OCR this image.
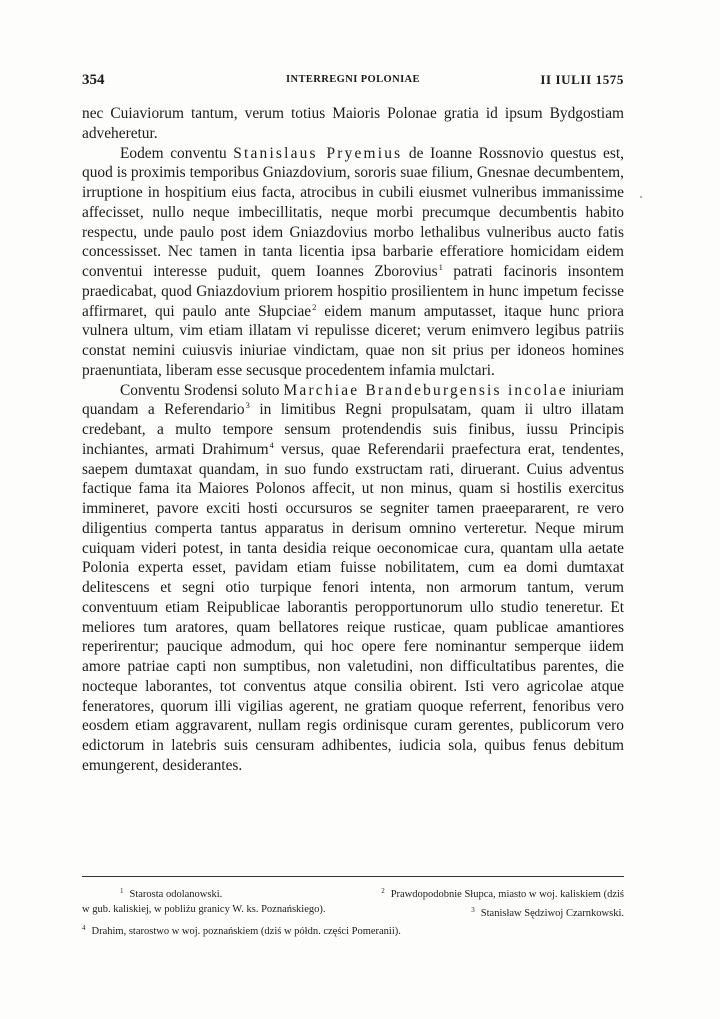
354	INTERREGNI POLONIAE	II IULII 1575

nec Cuiaviorum tantum, verum totius Maioris Polonae gratia id ipsum Bydgostiam adveheretur.

Eodem conventu Stanislaus Pryemius de Ioanne Rossnovio questus est, quod is proximis temporibus Gniazdovium, sororis suae filium, Gnesnae decumbentem, irruptione in hospitium eius facta, atrocibus in cubili eiusmet vulneribus immanissime affecisset, nullo neque imbecillitatis, neque morbi precumque decumbentis habito respectu, unde paulo post idem Gniazdovius morbo lethalibus vulneribus aucto fatis concessisset. Nec tamen in tanta licentia ipsa barbarie efferatiore homicidam eidem conventui interesse puduit, quem Ioannes Zborovius$^1$ patrati facinoris insontem praedicabat, quod Gniazdovium priorem hospitio prosilientem in hunc impetum fecisse affirmaret, qui paulo ante Słupciae$^2$ eidem manum amputasset, itaque hunc priora vulnera ultum, vim etiam illatam vi repulisse diceret; verum enimvero legibus patriis constat nemini cuiusvis iniuriae vindictam, quae non sit prius per idoneos homines praenuntiata, liberam esse secusque procedentem infamia mulctari.

Conventu Srodensi soluto Marchiae Brandeburgensis incolae iniuriam quandam a Referendario$^3$ in limitibus Regni propulsatam, quam ii ultro illatam credebant, a multo tempore sensum protendendis suis finibus, iussu Principis inchiantes, armati Drahimum$^4$ versus, quae Referendarii praefectura erat, tendentes, saepem dumtaxat quandam, in suo fundo exstructam rati, diruerant. Cuius adventus factique fama ita Maiores Polonos affecit, ut non minus, quam si hostilis exercitus immineret, pavore exciti hosti occursuros se segniter tamen praeepararent, re vero diligentius comperta tantus apparatus in derisum omnino verteretur. Neque mirum cuiquam videri potest, in tanta desidia reique oeconomicae cura, quantam ulla aetate Polonia experta esset, pavidam etiam fuisse nobilitatem, cum ea domi dumtaxat delitescens et segni otio turpique fenori intenta, non armorum tantum, verum conventuum etiam Reipublicae laborantis peropportunorum ullo studio teneretur. Et meliores tum aratores, quam bellatores reique rusticae, quam publicae amantiores reperirentur; paucique admodum, qui hoc opere fere nominantur semperque iidem amore patriae capti non sumptibus, non valetudini, non difficultatibus parentes, die nocteque laborantes, tot conventus atque consilia obirent. Isti vero agricolae atque feneratores, quorum illi vigilias agerent, ne gratiam quoque referrent, fenoribus vero eosdem etiam aggravarent, nullam regis ordinisque curam gerentes, publicorum vero edictorum in latebris suis censuram adhibentes, iudicia sola, quibus fenus debitum emungerent, desiderantes.

$^1$ Starosta odolanowski.	$^2$ Prawdopodobnie Słupca, miasto w woj. kaliskiem (dziś
w gub. kaliskiej, w pobliżu granicy W. ks. Poznańskiego).	$^3$ Stanisław Sędziwoj Czarnkowski.
$^4$ Drahim, starostwo w woj. poznańskiem (dziś w półdn. części Pomeranii).
